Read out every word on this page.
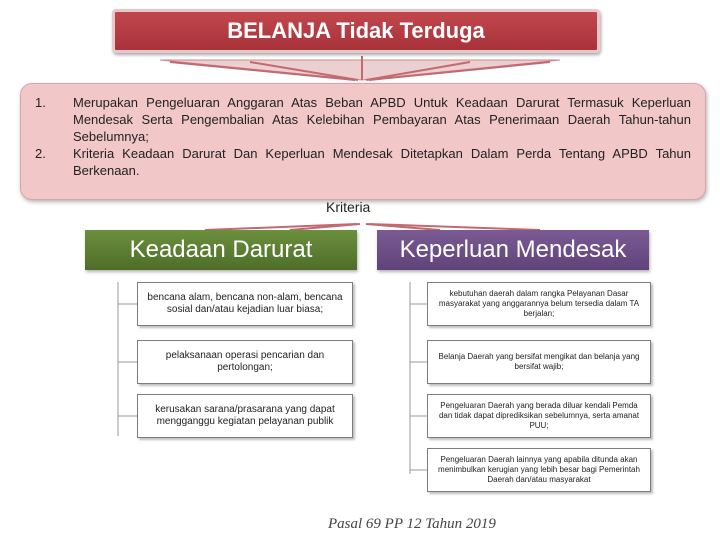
BELANJA Tidak Terduga
1.	Merupakan Pengeluaran Anggaran Atas Beban APBD Untuk Keadaan Darurat Termasuk Keperluan Mendesak Serta Pengembalian Atas Kelebihan Pembayaran Atas Penerimaan Daerah Tahun-tahun Sebelumnya;
2.	Kriteria Keadaan Darurat Dan Keperluan Mendesak Ditetapkan Dalam Perda Tentang APBD Tahun Berkenaan.
Kriteria
Keadaan Darurat	Keperluan Mendesak
bencana alam, bencana non-alam, bencana sosial dan/atau kejadian luar biasa;
pelaksanaan operasi pencarian dan pertolongan;
kerusakan sarana/prasarana yang dapat mengganggu kegiatan pelayanan publik
kebutuhan daerah dalam rangka Pelayanan Dasar masyarakat yang anggarannya belum tersedia dalam TA berjalan;
Belanja Daerah yang bersifat mengikat dan belanja yang bersifat wajib;
Pengeluaran Daerah yang berada diluar kendali Pemda dan tidak dapat diprediksikan sebelumnya, serta amanat PUU;
Pengeluaran Daerah lainnya yang apabila ditunda akan menimbulkan kerugian yang lebih besar bagi Pemerintah Daerah dan/atau masyarakat
Pasal 69 PP 12 Tahun 2019
